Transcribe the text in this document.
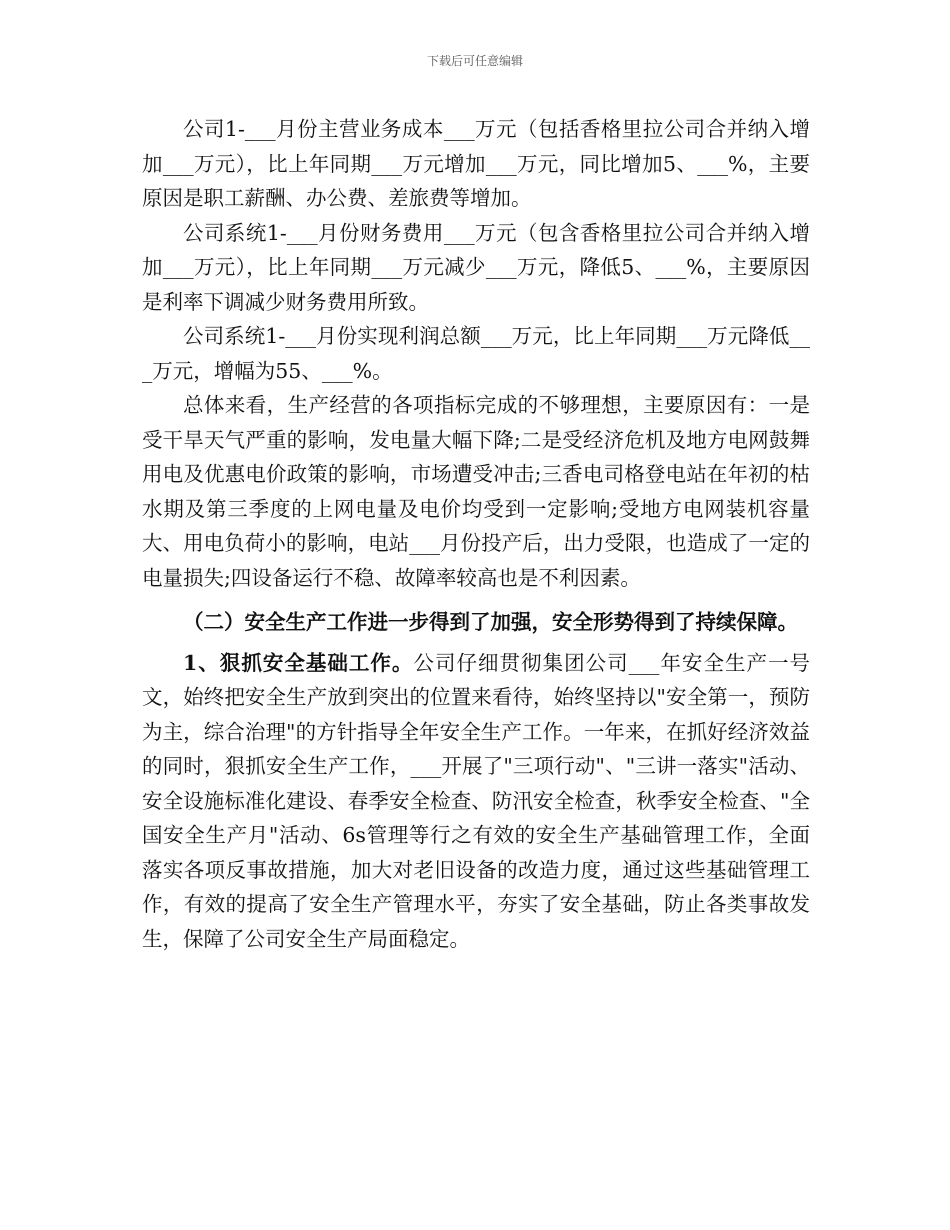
下载后可任意编辑

公司1-___月份主营业务成本___万元（包括香格里拉公司合并纳入增加___万元），比上年同期___万元增加___万元，同比增加5、___%，主要原因是职工薪酬、办公费、差旅费等增加。

公司系统1-___月份财务费用___万元（包含香格里拉公司合并纳入增加___万元），比上年同期___万元减少___万元，降低5、___%，主要原因是利率下调减少财务费用所致。

公司系统1-___月份实现利润总额___万元，比上年同期___万元降低___万元，增幅为55、___%。

总体来看，生产经营的各项指标完成的不够理想，主要原因有：一是受干旱天气严重的影响，发电量大幅下降;二是受经济危机及地方电网鼓舞用电及优惠电价政策的影响，市场遭受冲击;三香电司格登电站在年初的枯水期及第三季度的上网电量及电价均受到一定影响;受地方电网装机容量大、用电负荷小的影响，电站___月份投产后，出力受限，也造成了一定的电量损失;四设备运行不稳、故障率较高也是不利因素。

（二）安全生产工作进一步得到了加强，安全形势得到了持续保障。

1、狠抓安全基础工作。公司仔细贯彻集团公司___年安全生产一号文，始终把安全生产放到突出的位置来看待，始终坚持以"安全第一，预防为主，综合治理"的方针指导全年安全生产工作。一年来，在抓好经济效益的同时，狠抓安全生产工作，___开展了"三项行动"、"三讲一落实"活动、安全设施标准化建设、春季安全检查、防汛安全检查，秋季安全检查、"全国安全生产月"活动、6s管理等行之有效的安全生产基础管理工作，全面落实各项反事故措施，加大对老旧设备的改造力度，通过这些基础管理工作，有效的提高了安全生产管理水平，夯实了安全基础，防止各类事故发生，保障了公司安全生产局面稳定。
